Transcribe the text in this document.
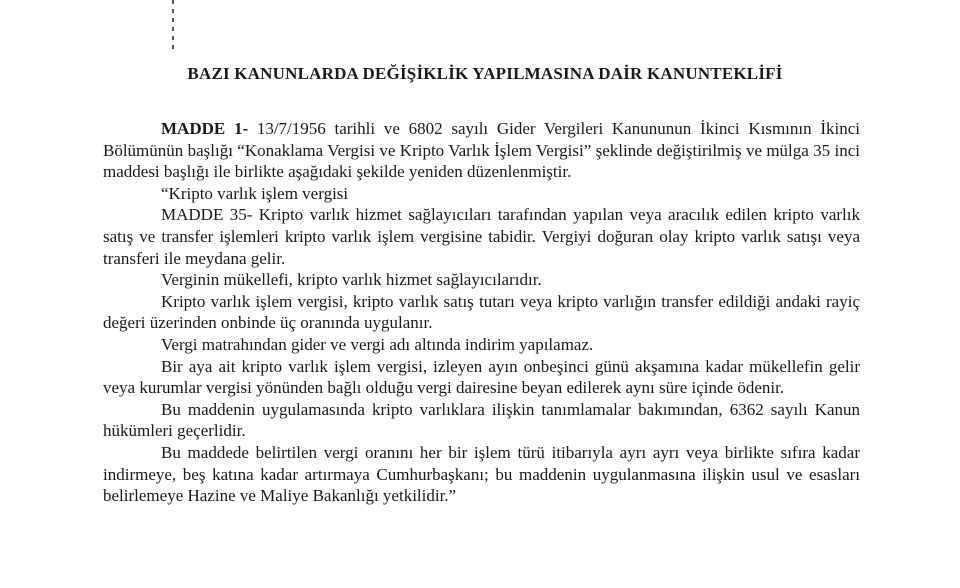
BAZI KANUNLARDA DEĞİŞİKLİK YAPILMASINA DAİR KANUNTEKLİFİ

MADDE 1- 13/7/1956 tarihli ve 6802 sayılı Gider Vergileri Kanununun İkinci Kısmının İkinci Bölümünün başlığı “Konaklama Vergisi ve Kripto Varlık İşlem Vergisi” şeklinde değiştirilmiş ve mülga 35 inci maddesi başlığı ile birlikte aşağıdaki şekilde yeniden düzenlenmiştir.

“Kripto varlık işlem vergisi

MADDE 35- Kripto varlık hizmet sağlayıcıları tarafından yapılan veya aracılık edilen kripto varlık satış ve transfer işlemleri kripto varlık işlem vergisine tabidir. Vergiyi doğuran olay kripto varlık satışı veya transferi ile meydana gelir.

Verginin mükellefi, kripto varlık hizmet sağlayıcılarıdır.

Kripto varlık işlem vergisi, kripto varlık satış tutarı veya kripto varlığın transfer edildiği andaki rayiç değeri üzerinden onbinde üç oranında uygulanır.

Vergi matrahından gider ve vergi adı altında indirim yapılamaz.

Bir aya ait kripto varlık işlem vergisi, izleyen ayın onbeşinci günü akşamına kadar mükellefin gelir veya kurumlar vergisi yönünden bağlı olduğu vergi dairesine beyan edilerek aynı süre içinde ödenir.

Bu maddenin uygulamasında kripto varlıklara ilişkin tanımlamalar bakımından, 6362 sayılı Kanun hükümleri geçerlidir.

Bu maddede belirtilen vergi oranını her bir işlem türü itibarıyla ayrı ayrı veya birlikte sıfıra kadar indirmeye, beş katına kadar artırmaya Cumhurbaşkanı; bu maddenin uygulanmasına ilişkin usul ve esasları belirlemeye Hazine ve Maliye Bakanlığı yetkilidir.”
